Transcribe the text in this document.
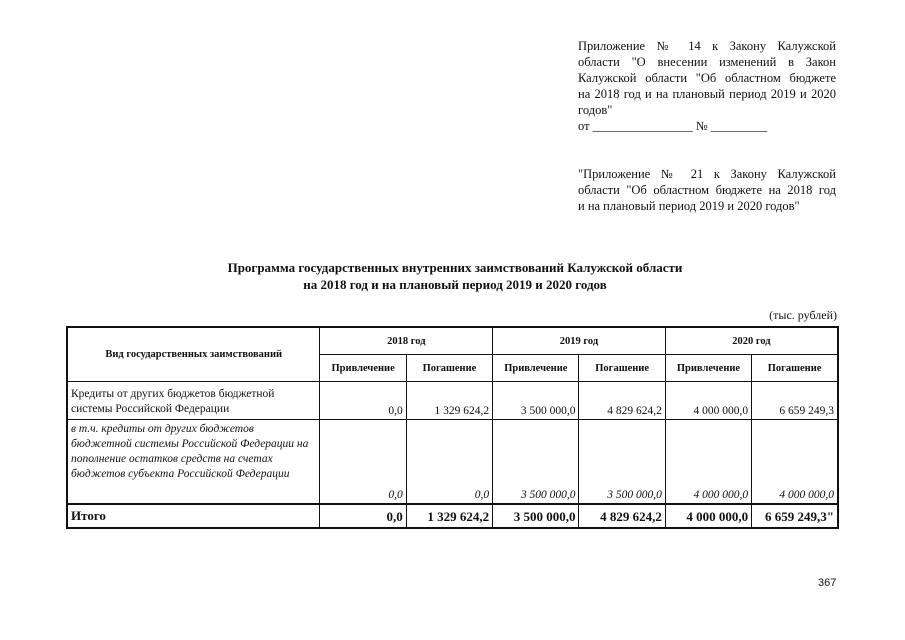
Приложение № 14 к Закону Калужской
области "О внесении изменений в Закон
Калужской области "Об областном бюджете
на 2018 год и на плановый период 2019 и 2020
годов"
от ________________ № _________
"Приложение № 21 к Закону Калужской
области "Об областном бюджете на 2018 год
и на плановый период 2019 и 2020 годов"
Программа государственных внутренних заимствований Калужской области
на 2018 год и на плановый период 2019 и 2020 годов
(тыс. рублей)
Вид государственных заимствований	2018 год		2019 год		2020 год	
	Привлечение	Погашение	Привлечение	Погашение	Привлечение	Погашение
Кредиты от других бюджетов бюджетной системы Российской Федерации	0,0	1 329 624,2	3 500 000,0	4 829 624,2	4 000 000,0	6 659 249,3
в т.ч. кредиты от других бюджетов бюджетной системы Российской Федерации на пополнение остатков средств на счетах бюджетов субъекта Российской Федерации	0,0	0,0	3 500 000,0	3 500 000,0	4 000 000,0	4 000 000,0
Итого	0,0	1 329 624,2	3 500 000,0	4 829 624,2	4 000 000,0	6 659 249,3"
367
